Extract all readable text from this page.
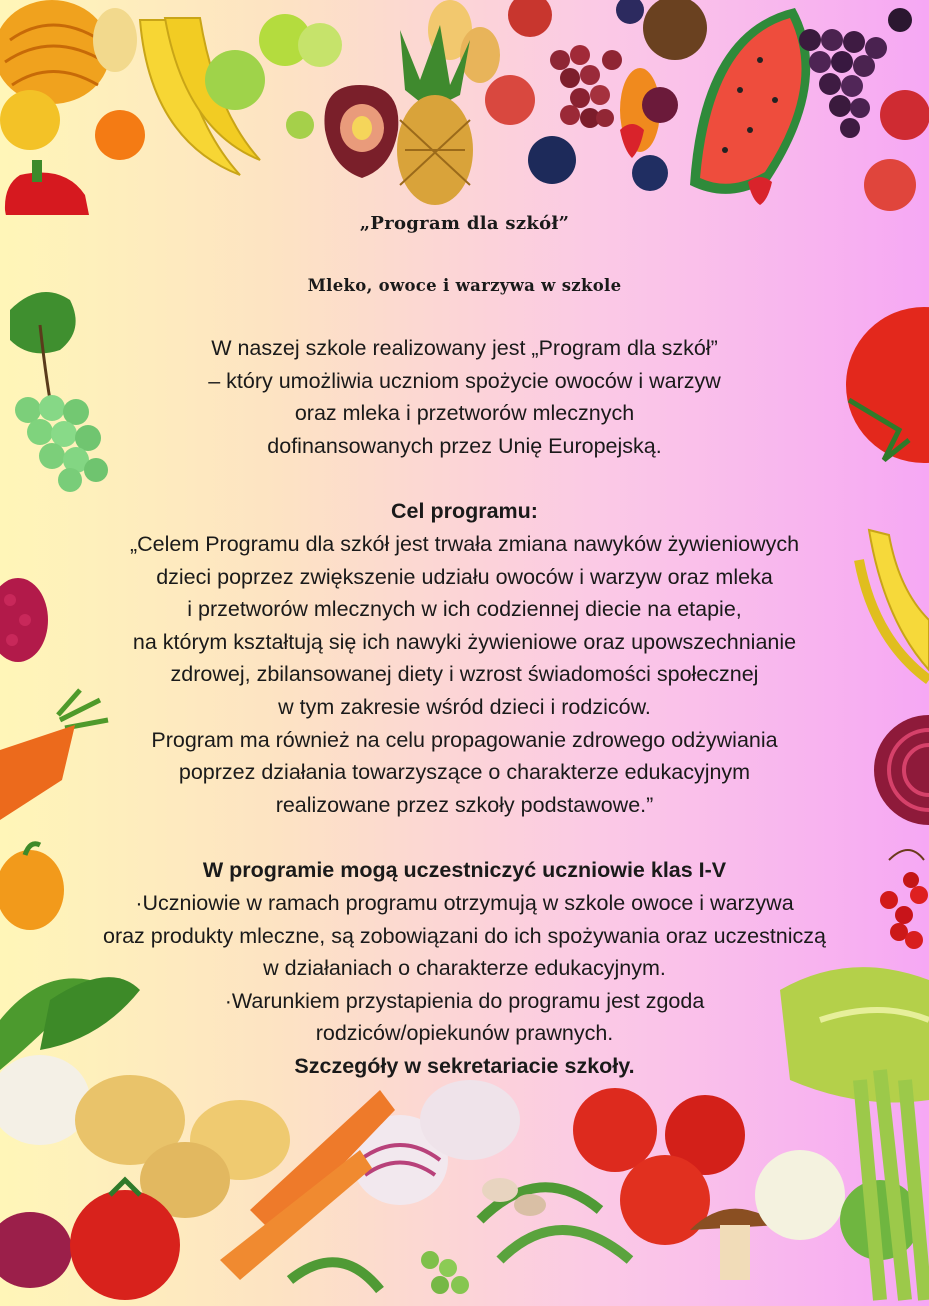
„Program dla szkół”
Mleko, owoce i warzywa w szkole
W naszej szkole realizowany jest „Program dla szkół”
– który umożliwia uczniom spożycie owoców i warzyw
oraz mleka i przetworów mlecznych
dofinansowanych przez Unię Europejską.
Cel programu:
„Celem Programu dla szkół jest trwała zmiana nawyków żywieniowych
dzieci poprzez zwiększenie udziału owoców i warzyw oraz mleka
i przetworów mlecznych w ich codziennej diecie na etapie,
na którym kształtują się ich nawyki żywieniowe oraz upowszechnianie
zdrowej, zbilansowanej diety i wzrost świadomości społecznej
w tym zakresie wśród dzieci i rodziców.
Program ma również na celu propagowanie zdrowego odżywiania
poprzez działania towarzyszące o charakterze edukacyjnym
realizowane przez szkoły podstawowe.”
W programie mogą uczestniczyć uczniowie klas I-V
·Uczniowie w ramach programu otrzymują w szkole owoce i warzywa
oraz produkty mleczne, są zobowiązani do ich spożywania oraz uczestniczą
w działaniach o charakterze edukacyjnym.
·Warunkiem przystapienia do programu jest zgoda
rodziców/opiekunów prawnych.
Szczegóły w sekretariacie szkoły.
